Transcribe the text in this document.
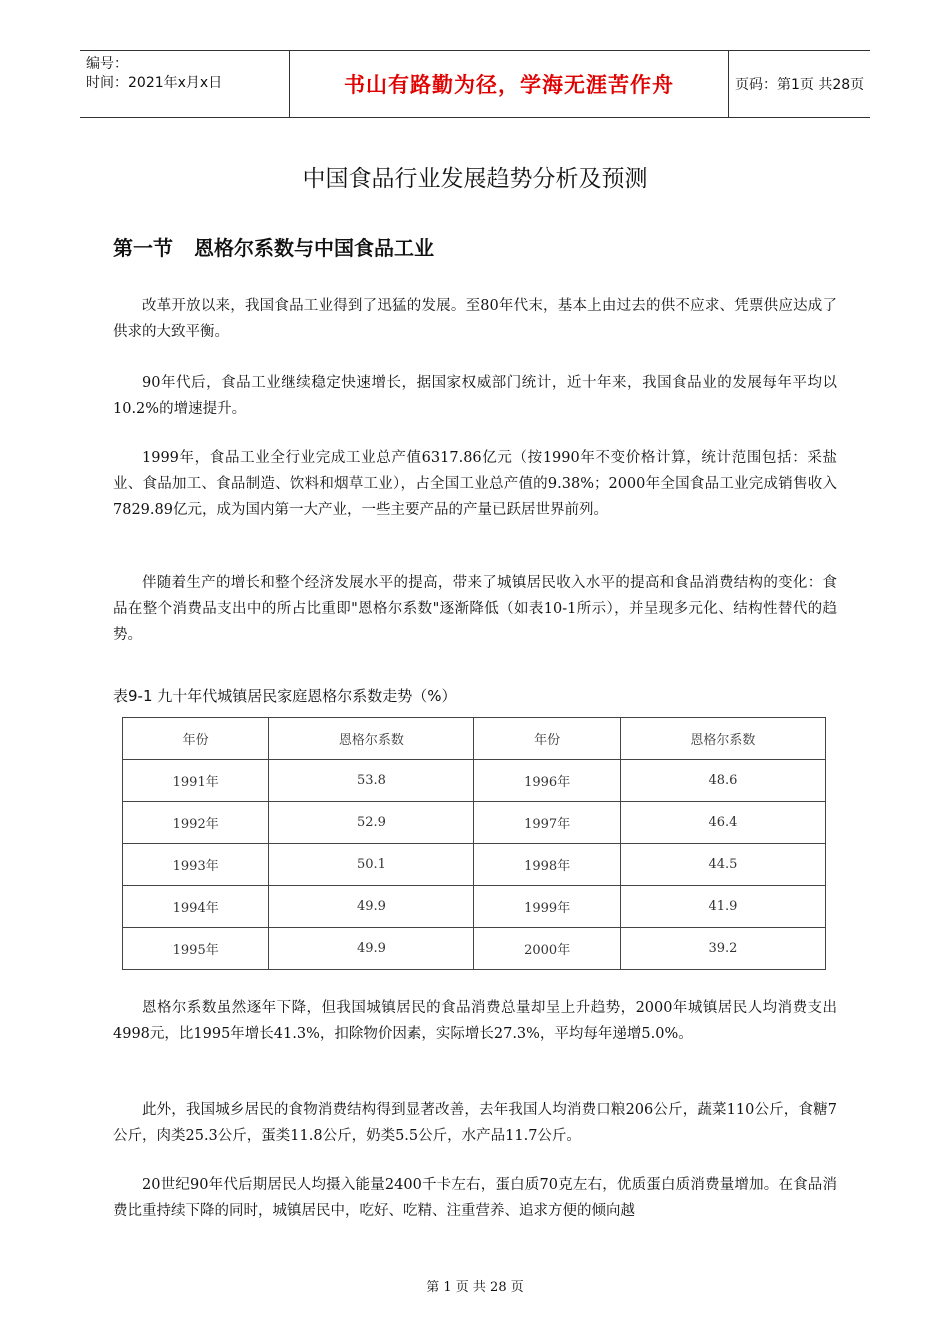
编号：
时间：2021年x月x日	书山有路勤为径，学海无涯苦作舟	页码：第1页 共28页
中国食品行业发展趋势分析及预测
第一节 恩格尔系数与中国食品工业

改革开放以来，我国食品工业得到了迅猛的发展。至80年代末，基本上由过去的供不应求、凭票供应达成了供求的大致平衡。

90年代后，食品工业继续稳定快速增长，据国家权威部门统计，近十年来，我国食品业的发展每年平均以10.2%的增速提升。

1999年，食品工业全行业完成工业总产值6317.86亿元（按1990年不变价格计算，统计范围包括：采盐业、食品加工、食品制造、饮料和烟草工业），占全国工业总产值的9.38%；2000年全国食品工业完成销售收入7829.89亿元，成为国内第一大产业，一些主要产品的产量已跃居世界前列。

伴随着生产的增长和整个经济发展水平的提高，带来了城镇居民收入水平的提高和食品消费结构的变化：食品在整个消费品支出中的所占比重即"恩格尔系数"逐渐降低（如表10-1所示），并呈现多元化、结构性替代的趋势。

表9-1 九十年代城镇居民家庭恩格尔系数走势（%）
年份	恩格尔系数	年份	恩格尔系数
1991年	53.8	1996年	48.6
1992年	52.9	1997年	46.4
1993年	50.1	1998年	44.5
1994年	49.9	1999年	41.9
1995年	49.9	2000年	39.2

恩格尔系数虽然逐年下降，但我国城镇居民的食品消费总量却呈上升趋势，2000年城镇居民人均消费支出4998元，比1995年增长41.3%，扣除物价因素，实际增长27.3%，平均每年递增5.0%。

此外，我国城乡居民的食物消费结构得到显著改善，去年我国人均消费口粮206公斤，蔬菜110公斤，食糖7公斤，肉类25.3公斤，蛋类11.8公斤，奶类5.5公斤，水产品11.7公斤。

20世纪90年代后期居民人均摄入能量2400千卡左右，蛋白质70克左右，优质蛋白质消费量增加。在食品消费比重持续下降的同时，城镇居民中，吃好、吃精、注重营养、追求方便的倾向越

第 1 页 共 28 页
